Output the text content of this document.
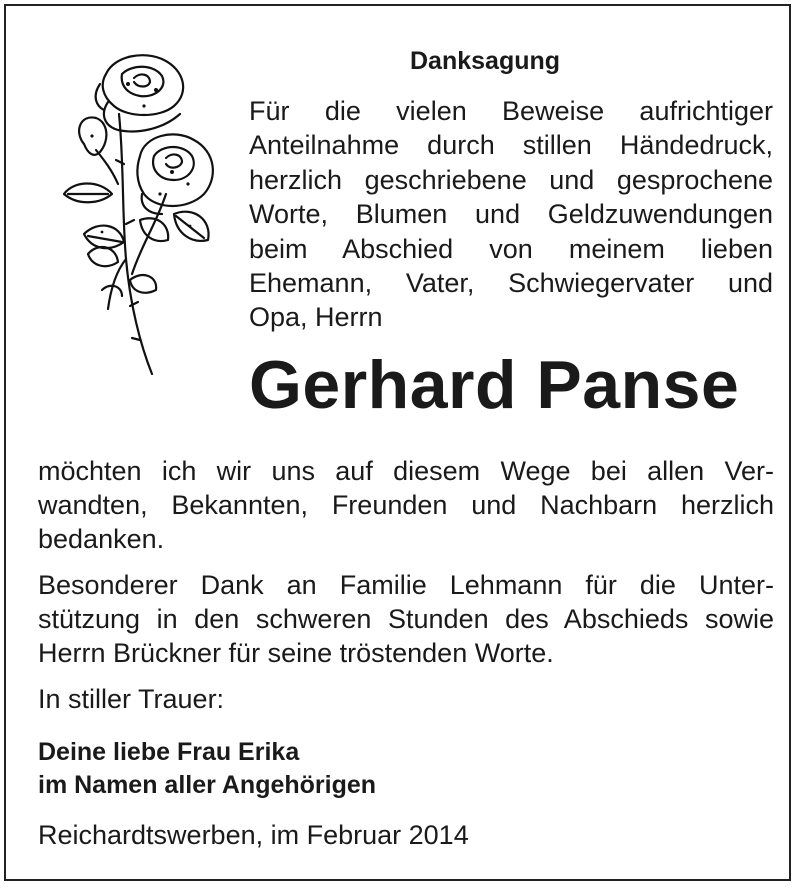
Danksagung
Für die vielen Beweise aufrichtiger
Anteilnahme durch stillen Händedruck,
herzlich geschriebene und gesprochene
Worte, Blumen und Geldzuwendungen
beim Abschied von meinem lieben
Ehemann, Vater, Schwiegervater und
Opa, Herrn
Gerhard Panse
möchten ich wir uns auf diesem Wege bei allen Ver-
wandten, Bekannten, Freunden und Nachbarn herzlich
bedanken.
Besonderer Dank an Familie Lehmann für die Unter-
stützung in den schweren Stunden des Abschieds sowie
Herrn Brückner für seine tröstenden Worte.
In stiller Trauer:
Deine liebe Frau Erika
im Namen aller Angehörigen
Reichardtswerben, im Februar 2014
